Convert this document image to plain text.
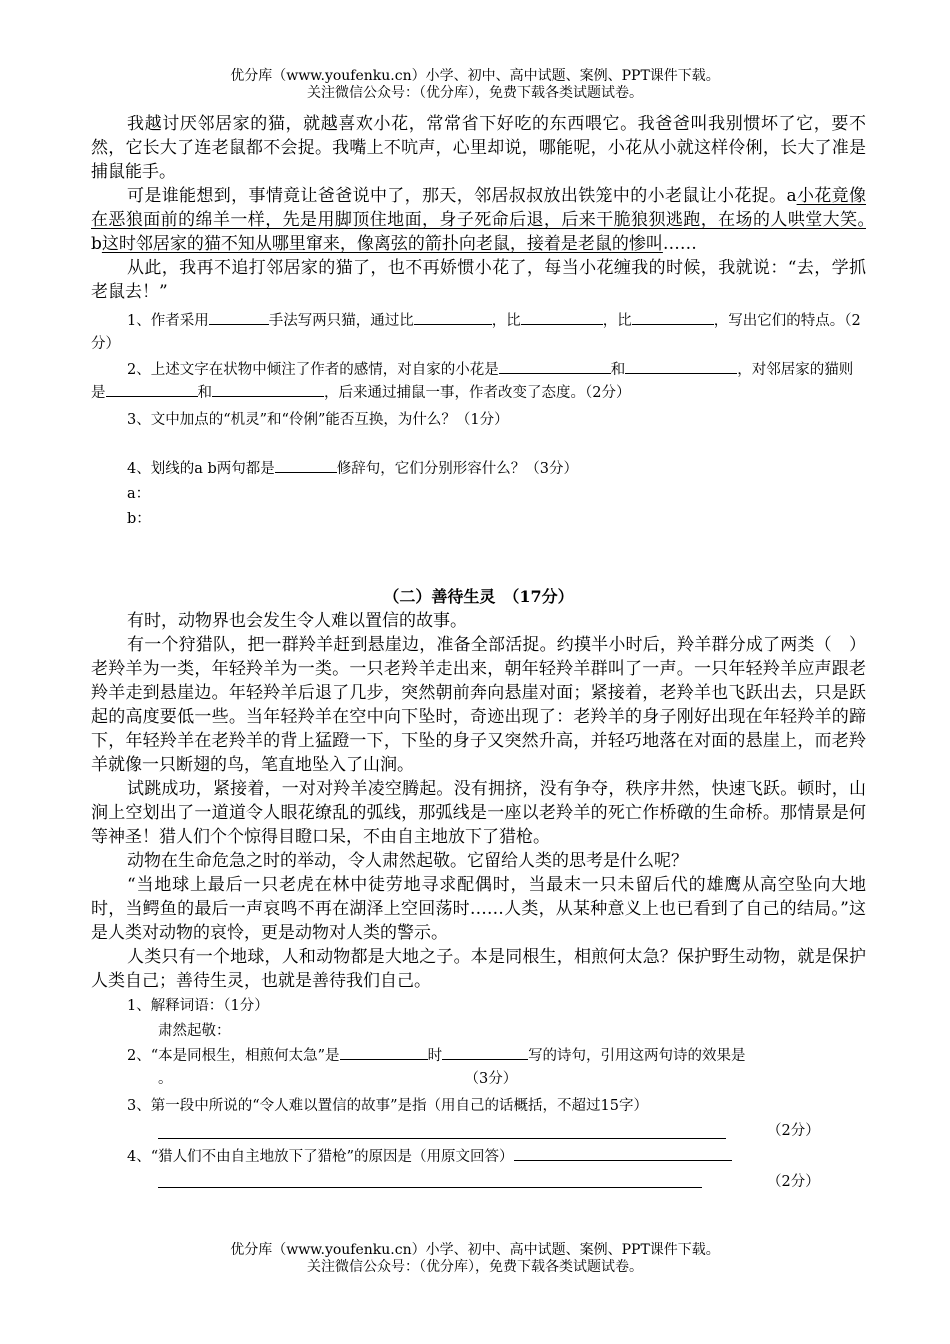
优分库（www.youfenku.cn）小学、初中、高中试题、案例、PPT课件下载。
关注微信公众号：（优分库），免费下载各类试题试卷。

我越讨厌邻居家的猫，就越喜欢小花，常常省下好吃的东西喂它。我爸爸叫我别惯坏了它，要不然，它长大了连老鼠都不会捉。我嘴上不吭声，心里却说，哪能呢，小花从小就这样伶俐，长大了准是捕鼠能手。

可是谁能想到，事情竟让爸爸说中了，那天，邻居叔叔放出铁笼中的小老鼠让小花捉。a小花竟像在恶狼面前的绵羊一样，先是用脚顶住地面，身子死命后退，后来干脆狼狈逃跑，在场的人哄堂大笑。　b这时邻居家的猫不知从哪里窜来，像离弦的箭扑向老鼠，接着是老鼠的惨叫……

从此，我再不追打邻居家的猫了，也不再娇惯小花了，每当小花缠我的时候，我就说：“去，学抓老鼠去！”

1、作者采用	手法写两只猫，通过比	，比	，比	，写出它们的特点。（2分）

2、上述文字在状物中倾注了作者的感情，对自家的小花是	和	，对邻居家的猫则是	和	，后来通过捕鼠一事，作者改变了态度。（2分）

3、文中加点的“机灵”和“伶俐”能否互换，为什么？（1分）

4、划线的a b两句都是	修辞句，它们分别形容什么？（3分）

a：

b：

（二）善待生灵　（17分）

有时，动物界也会发生令人难以置信的故事。

有一个狩猎队，把一群羚羊赶到悬崖边，准备全部活捉。约摸半小时后，羚羊群分成了两类（　）老羚羊为一类，年轻羚羊为一类。一只老羚羊走出来，朝年轻羚羊群叫了一声。一只年轻羚羊应声跟老羚羊走到悬崖边。年轻羚羊后退了几步，突然朝前奔向悬崖对面；紧接着，老羚羊也飞跃出去，只是跃起的高度要低一些。当年轻羚羊在空中向下坠时，奇迹出现了：老羚羊的身子刚好出现在年轻羚羊的蹄下，年轻羚羊在老羚羊的背上猛蹬一下，下坠的身子又突然升高，并轻巧地落在对面的悬崖上，而老羚羊就像一只断翅的鸟，笔直地坠入了山涧。

试跳成功，紧接着，一对对羚羊凌空腾起。没有拥挤，没有争夺，秩序井然，快速飞跃。顿时，山涧上空划出了一道道令人眼花缭乱的弧线，那弧线是一座以老羚羊的死亡作桥礅的生命桥。那情景是何等神圣！猎人们个个惊得目瞪口呆，不由自主地放下了猎枪。

动物在生命危急之时的举动，令人肃然起敬。它留给人类的思考是什么呢？

“当地球上最后一只老虎在林中徒劳地寻求配偶时，当最末一只未留后代的雄鹰从高空坠向大地时，当鳄鱼的最后一声哀鸣不再在湖泽上空回荡时……人类，从某种意义上也已看到了自己的结局。”这是人类对动物的哀怜，更是动物对人类的警示。

人类只有一个地球，人和动物都是大地之子。本是同根生，相煎何太急？保护野生动物，就是保护人类自己；善待生灵，也就是善待我们自己。

1、解释词语：（1分）

肃然起敬：

2、“本是同根生，相煎何太急”是	时	写的诗句，引用这两句诗的效果是

。	（3分）

3、第一段中所说的“令人难以置信的故事”是指（用自己的话概括，不超过15字）

（2分）

4、“猎人们不由自主地放下了猎枪”的原因是（用原文回答）

（2分）
优分库（www.youfenku.cn）小学、初中、高中试题、案例、PPT课件下载。
关注微信公众号：（优分库），免费下载各类试题试卷。
